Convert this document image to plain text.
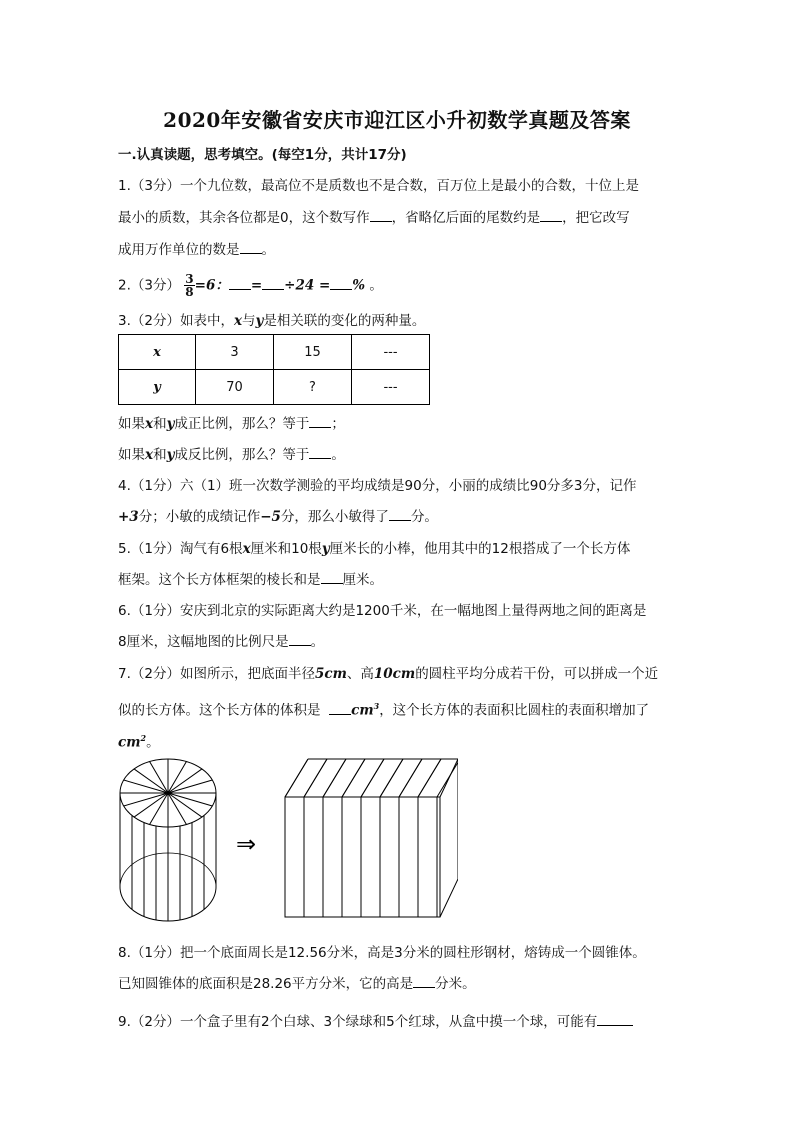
2020年安徽省安庆市迎江区小升初数学真题及答案
一.认真读题，思考填空。(每空1分，共计17分)
1.（3分）一个九位数，最高位不是质数也不是合数，百万位上是最小的合数，十位上是
最小的质数，其余各位都是0，这个数写作 ，省略亿后面的尾数约是 ，把它改写
成用万作单位的数是 。
2.（3分） $\frac{3}{8} =6$： = ÷24 = % 。
3.（2分）如表中，x与y是相关联的变化的两种量。
x	3	15	---
y	70	?	---
如果x和y成正比例，那么？等于 ；
如果x和y成反比例，那么？等于 。
4.（1分）六（1）班一次数学测验的平均成绩是90分，小丽的成绩比90分多3分，记作
+3分；小敏的成绩记作−5分，那么小敏得了 分。
5.（1分）淘气有6根x厘米和10根y厘米长的小棒，他用其中的12根搭成了一个长方体
框架。这个长方体框架的棱长和是 厘米。
6.（1分）安庆到北京的实际距离大约是1200千米，在一幅地图上量得两地之间的距离是
8厘米，这幅地图的比例尺是 。
7.（2分）如图所示，把底面半径5cm、高10cm的圆柱平均分成若干份，可以拼成一个近
似的长方体。这个长方体的体积是 $cm^3$，这个长方体的表面积比圆柱的表面积增加了
$cm^2$。
⇒
8.（1分）把一个底面周长是12.56分米，高是3分米的圆柱形钢材，熔铸成一个圆锥体。
已知圆锥体的底面积是28.26平方分米，它的高是 分米。
9.（2分）一个盒子里有2个白球、3个绿球和5个红球，从盒中摸一个球，可能有
